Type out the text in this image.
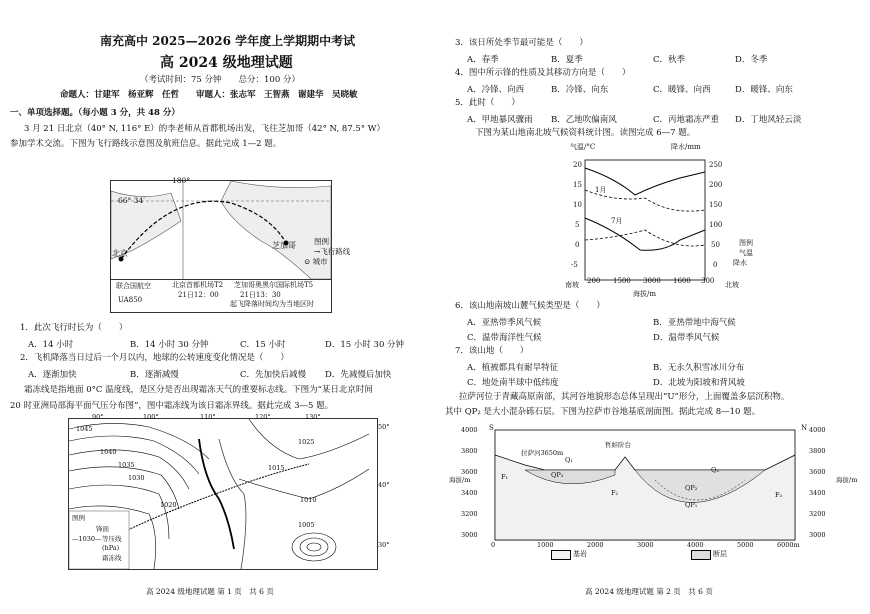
南充高中 2025—2026 学年度上学期期中考试
高 2024 级地理试题
（考试时间：75 分钟　　总分：100 分）
命题人：甘建军　杨亚辉　任哲　　审题人：张志军　王智燕　谢建华　吴晓敏
一、单项选择题。（每小题 3 分，共 48 分）
3 月 21 日北京（40° N, 116° E）的李老师从首都机场出发，飞往芝加哥（42° N, 87.5° W）
参加学术交流。下图为飞行路线示意图及航班信息。据此完成 1—2 题。
180°
66° 34′
芝加哥
北京
图例
→飞行路线
⊙ 城市
联合国航空
UA850
北京首都机场T2
21日12：00
芝加哥奥黑尔国际机场T5
21日13：30
起飞降落时间均为当地区时
1．此次飞行时长为（　　）
A．14 小时	B．14 小时 30 分钟	C．15 小时	D．15 小时 30 分钟
2．飞机降落当日过后一个月以内，地球的公转速度变化情况是（　　）
A．逐渐加快	B．逐渐减慢	C．先加快后减慢 D．先减慢后加快
霜冻线是指地面 0°C 温度线，是区分是否出现霜冻天气的重要标志线。下图为“某日北京时间
20 时亚洲局部海平面气压分布图”，图中霜冻线为该日霜冻界线。据此完成 3—5 题。
90°	100°	110°	120°	130°
50°
40°
30°
1045
1040
1035
1030
1025
1020
1015
1010
1005
图例
锋面
—1030— 等压线
(hPa)
霜冻线
高 2024 级地理试题 第 1 页　共 6 页
3．该日所处季节最可能是（　　）
A．春季	B．夏季	C．秋季	D．冬季
4．图中所示锋的性质及其移动方向是（　　）
A．冷锋、向西	B．冷锋、向东	C．暖锋、向西	D．暖锋、向东
5．此时（　　）
A．甲地暴风骤雨 B．乙地吹偏南风	C．丙地霜冻严重 D．丁地风轻云淡
下图为某山地南北坡气候资料统计图。读图完成 6—7 题。
气温/°C	降水/mm
20
15
10
5
0
-5
250
200
150
100
50
0
1月
7月
图例
气温
降水
南坡 200 1500 3000 1600 300 北坡
海拔/m
6．该山地南坡山麓气候类型是（　　）
A．亚热带季风气候	B．亚热带地中海气候
C．温带海洋性气候	D．温带季风气候
7．该山地（　　）
A．植被都具有耐旱特征	B．无永久积雪冰川分布
C．地处南半球中低纬度	D．北坡为阳坡和背风坡
拉萨河位于青藏高原南部，其河谷地貌形态总体呈现出“U”形分，上面覆盖多层沉积物。
其中 QP₂ 是大小混杂砾石层。下图为拉萨市谷地基底剖面图。据此完成 8—10 题。
S	N
拉萨河3650m
哲蚌阶台
Q₁
QP₃
Q₂
QP₂
QP₁
F₁
F₂	F₃
4000
3800
3600
3400
3200
3000
4000
3800
3600
3400
3200
3000
海拔/m	海拔/m
0	1000	2000	3000	4000	5000	6000m
基岩	断层
高 2024 级地理试题 第 2 页　共 6 页
